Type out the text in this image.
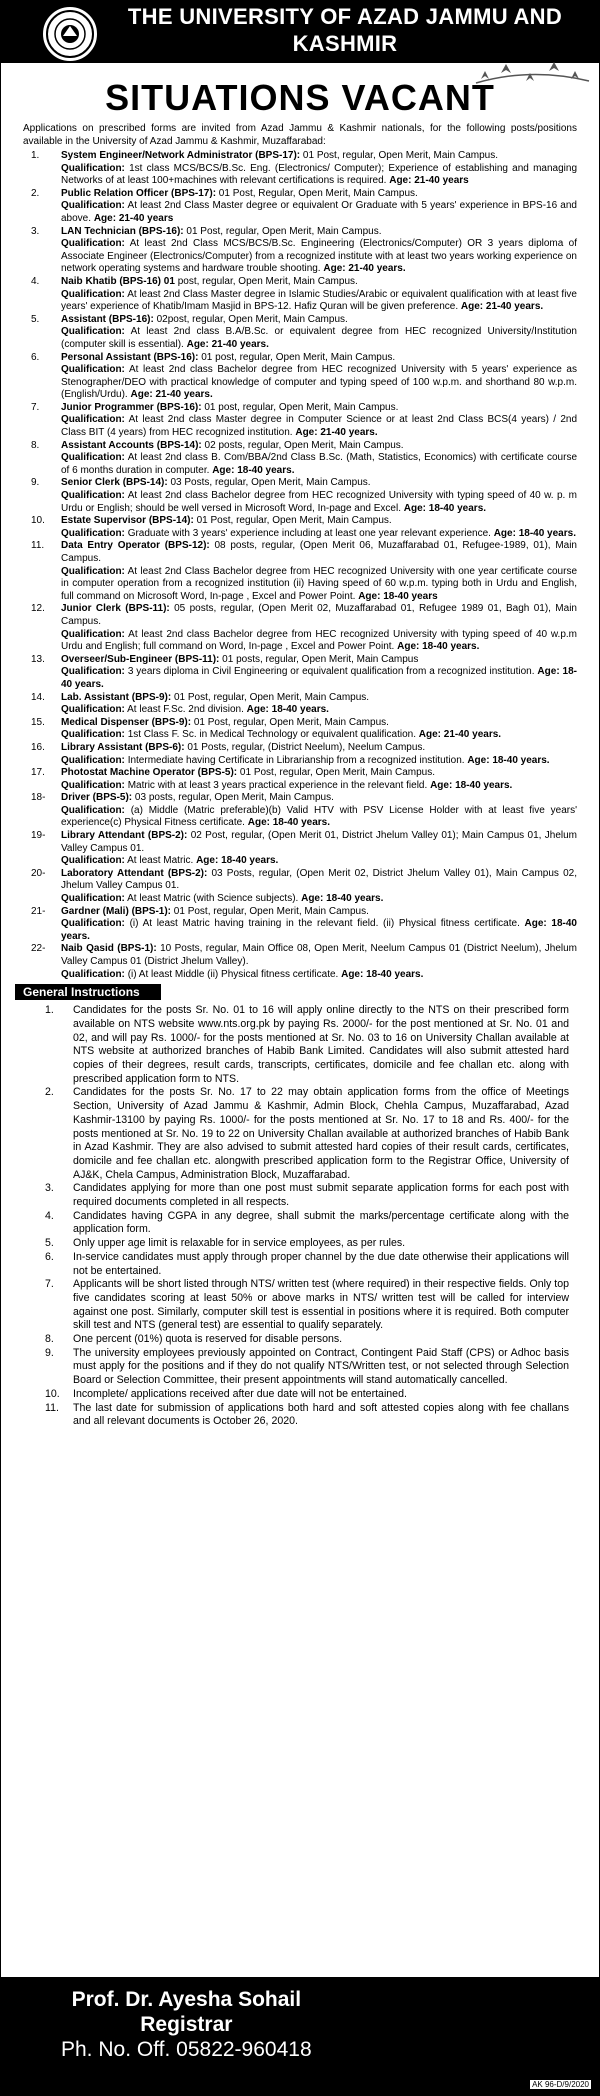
THE UNIVERSITY OF AZAD JAMMU AND
KASHMIR
SITUATIONS VACANT
Applications on prescribed forms are invited from Azad Jammu & Kashmir nationals, for the following posts/positions available in the University of Azad Jammu & Kashmir, Muzaffarabad:
1.	System Engineer/Network Administrator (BPS-17): 01 Post, regular, Open Merit, Main Campus.
Qualification: 1st class MCS/BCS/B.Sc. Eng. (Electronics/ Computer); Experience of establishing and managing Networks of at least 100+machines with relevant certifications is required. Age: 21-40 years
2.	Public Relation Officer (BPS-17): 01 Post, Regular, Open Merit, Main Campus.
Qualification: At least 2nd Class Master degree or equivalent Or Graduate with 5 years' experience in BPS-16 and above. Age: 21-40 years
3.	LAN Technician (BPS-16): 01 Post, regular, Open Merit, Main Campus.
Qualification: At least 2nd Class MCS/BCS/B.Sc. Engineering (Electronics/Computer) OR 3 years diploma of Associate Engineer (Electronics/Computer) from a recognized institute with at least two years working experience on network operating systems and hardware trouble shooting. Age: 21-40 years.
4.	Naib Khatib (BPS-16) 01 post, regular, Open Merit, Main Campus.
Qualification: At least 2nd Class Master degree in Islamic Studies/Arabic or equivalent qualification with at least five years' experience of Khatib/Imam Masjid in BPS-12. Hafiz Quran will be given preference. Age: 21-40 years.
5.	Assistant (BPS-16): 02post, regular, Open Merit, Main Campus.
Qualification: At least 2nd class B.A/B.Sc. or equivalent degree from HEC recognized University/Institution (computer skill is essential). Age: 21-40 years.
6.	Personal Assistant (BPS-16): 01 post, regular, Open Merit, Main Campus.
Qualification: At least 2nd class Bachelor degree from HEC recognized University with 5 years' experience as Stenographer/DEO with practical knowledge of computer and typing speed of 100 w.p.m. and shorthand 80 w.p.m.(English/Urdu). Age: 21-40 years.
7.	Junior Programmer (BPS-16): 01 post, regular, Open Merit, Main Campus.
Qualification: At least 2nd class Master degree in Computer Science or at least 2nd Class BCS(4 years) / 2nd Class BIT (4 years) from HEC recognized institution. Age: 21-40 years.
8.	Assistant Accounts (BPS-14): 02 posts, regular, Open Merit, Main Campus.
Qualification: At least 2nd class B. Com/BBA/2nd Class B.Sc. (Math, Statistics, Economics) with certificate course of 6 months duration in computer. Age: 18-40 years.
9.	Senior Clerk (BPS-14): 03 Posts, regular, Open Merit, Main Campus.
Qualification: At least 2nd class Bachelor degree from HEC recognized University with typing speed of 40 w. p. m Urdu or English; should be well versed in Microsoft Word, In-page and Excel. Age: 18-40 years.
10.	Estate Supervisor (BPS-14): 01 Post, regular, Open Merit, Main Campus.
Qualification: Graduate with 3 years' experience including at least one year relevant experience. Age: 18-40 years.
11.	Data Entry Operator (BPS-12): 08 posts, regular, (Open Merit 06, Muzaffarabad 01, Refugee-1989, 01), Main Campus.
Qualification: At least 2nd Class Bachelor degree from HEC recognized University with one year certificate course in computer operation from a recognized institution (ii) Having speed of 60 w.p.m. typing both in Urdu and English, full command on Microsoft Word, In-page , Excel and Power Point. Age: 18-40 years
12.	Junior Clerk (BPS-11): 05 posts, regular, (Open Merit 02, Muzaffarabad 01, Refugee 1989 01, Bagh 01), Main Campus.
Qualification: At least 2nd class Bachelor degree from HEC recognized University with typing speed of 40 w.p.m Urdu and English; full command on Word, In-page , Excel and Power Point. Age: 18-40 years.
13.	Overseer/Sub-Engineer (BPS-11): 01 posts, regular, Open Merit, Main Campus
Qualification: 3 years diploma in Civil Engineering or equivalent qualification from a recognized institution. Age: 18-40 years.
14.	Lab. Assistant (BPS-9): 01 Post, regular, Open Merit, Main Campus.
Qualification: At least F.Sc. 2nd division. Age: 18-40 years.
15.	Medical Dispenser (BPS-9): 01 Post, regular, Open Merit, Main Campus.
Qualification: 1st Class F. Sc. in Medical Technology or equivalent qualification. Age: 21-40 years.
16.	Library Assistant (BPS-6): 01 Posts, regular, (District Neelum), Neelum Campus.
Qualification: Intermediate having Certificate in Librarianship from a recognized institution. Age: 18-40 years.
17.	Photostat Machine Operator (BPS-5): 01 Post, regular, Open Merit, Main Campus.
Qualification: Matric with at least 3 years practical experience in the relevant field. Age: 18-40 years.
18-	Driver (BPS-5): 03 posts, regular, Open Merit, Main Campus.
Qualification: (a) Middle (Matric preferable)(b) Valid HTV with PSV License Holder with at least five years' experience(c) Physical Fitness certificate. Age: 18-40 years.
19-	Library Attendant (BPS-2): 02 Post, regular, (Open Merit 01, District Jhelum Valley 01); Main Campus 01, Jhelum Valley Campus 01.
Qualification: At least Matric. Age: 18-40 years.
20-	Laboratory Attendant (BPS-2): 03 Posts, regular, (Open Merit 02, District Jhelum Valley 01), Main Campus 02, Jhelum Valley Campus 01.
Qualification: At least Matric (with Science subjects). Age: 18-40 years.
21-	Gardner (Mali) (BPS-1): 01 Post, regular, Open Merit, Main Campus.
Qualification: (i) At least Matric having training in the relevant field. (ii) Physical fitness certificate. Age: 18-40 years.
22-	Naib Qasid (BPS-1): 10 Posts, regular, Main Office 08, Open Merit, Neelum Campus 01 (District Neelum), Jhelum Valley Campus 01 (District Jhelum Valley).
Qualification: (i) At least Middle (ii) Physical fitness certificate. Age: 18-40 years.
General Instructions
1.	Candidates for the posts Sr. No. 01 to 16 will apply online directly to the NTS on their prescribed form available on NTS website www.nts.org.pk by paying Rs. 2000/- for the post mentioned at Sr. No. 01 and 02, and will pay Rs. 1000/- for the posts mentioned at Sr. No. 03 to 16 on University Challan available at NTS website at authorized branches of Habib Bank Limited. Candidates will also submit attested hard copies of their degrees, result cards, transcripts, certificates, domicile and fee challan etc. along with prescribed application form to NTS.
2.	Candidates for the posts Sr. No. 17 to 22 may obtain application forms from the office of Meetings Section, University of Azad Jammu & Kashmir, Admin Block, Chehla Campus, Muzaffarabad, Azad Kashmir-13100 by paying Rs. 1000/- for the posts mentioned at Sr. No. 17 to 18 and Rs. 400/- for the posts mentioned at Sr. No. 19 to 22 on University Challan available at authorized branches of Habib Bank in Azad Kashmir. They are also advised to submit attested hard copies of their result cards, certificates, domicile and fee challan etc. alongwith prescribed application form to the Registrar Office, University of AJ&K, Chela Campus, Administration Block, Muzaffarabad.
3.	Candidates applying for more than one post must submit separate application forms for each post with required documents completed in all respects.
4.	Candidates having CGPA in any degree, shall submit the marks/percentage certificate along with the application form.
5.	Only upper age limit is relaxable for in service employees, as per rules.
6.	In-service candidates must apply through proper channel by the due date otherwise their applications will not be entertained.
7.	Applicants will be short listed through NTS/ written test (where required) in their respective fields. Only top five candidates scoring at least 50% or above marks in NTS/ written test will be called for interview against one post. Similarly, computer skill test is essential in positions where it is required. Both computer skill test and NTS (general test) are essential to qualify separately.
8.	One percent (01%) quota is reserved for disable persons.
9.	The university employees previously appointed on Contract, Contingent Paid Staff (CPS) or Adhoc basis must apply for the positions and if they do not qualify NTS/Written test, or not selected through Selection Board or Selection Committee, their present appointments will stand automatically cancelled.
10.	Incomplete/ applications received after due date will not be entertained.
11.	The last date for submission of applications both hard and soft attested copies along with fee challans and all relevant documents is October 26, 2020.
Prof. Dr. Ayesha Sohail
Registrar
Ph. No. Off. 05822-960418
AK 96-D/9/2020
